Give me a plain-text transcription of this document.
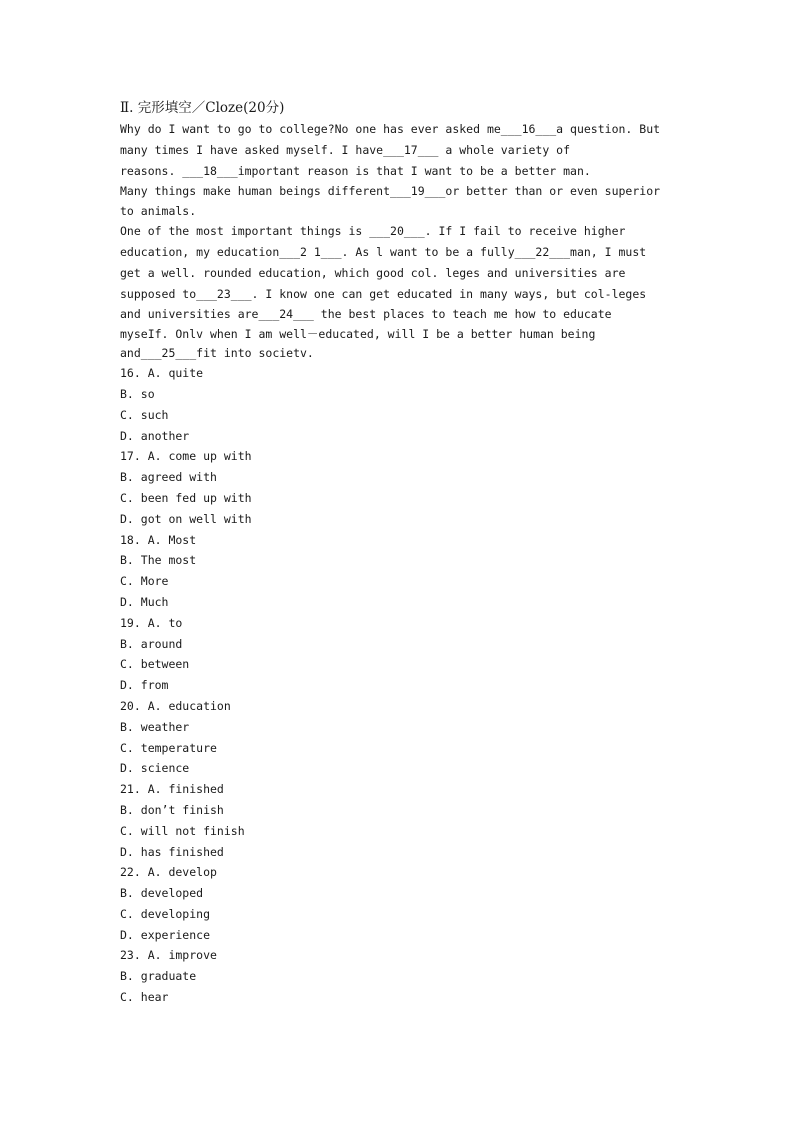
Ⅱ. 完形填空／Cloze(20分)
Why do I want to go to college?No one has ever asked me___16___a question. But
many times I have asked myself. I have___17___ a whole variety of
reasons. ___18___important reason is that I want to be a better man.
Many things make human beings different___19___or better than or even superior
to animals.
One of the most important things is ___20___. If I fail to receive higher
education, my education___2 1___. As l want to be a fully___22___man, I must
get a well. rounded education, which good col. leges and universities are
supposed to___23___. I know one can get educated in many ways, but col-leges
and universities are___24___ the best places to teach me how to educate
myseIf. Onlv when I am well－educated, will I be a better human being
and___25___fit into societv.
16. A. quite
B. so
C. such
D. another
17. A. come up with
B. agreed with
C. been fed up with
D. got on well with
18. A. Most
B. The most
C. More
D. Much
19. A. to
B. around
C. between
D. from
20. A. education
B. weather
C. temperature
D. science
21. A. finished
B. don’t finish
C. will not finish
D. has finished
22. A. develop
B. developed
C. developing
D. experience
23. A. improve
B. graduate
C. hear
